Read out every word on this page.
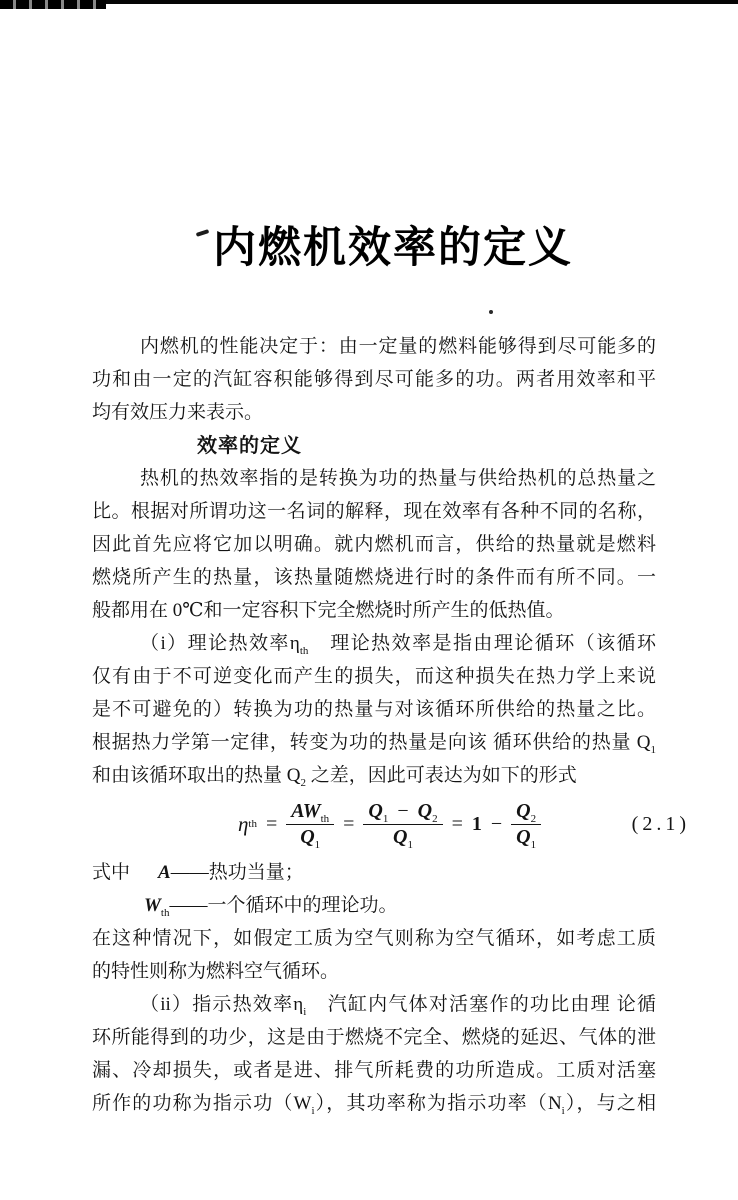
内燃机效率的定义
内燃机的性能决定于：由一定量的燃料能够得到尽可能多的
功和由一定的汽缸容积能够得到尽可能多的功。两者用效率和平
均有效压力来表示。
效率的定义
热机的热效率指的是转换为功的热量与供给热机的总热量之
比。根据对所谓功这一名词的解释，现在效率有各种不同的名称，
因此首先应将它加以明确。就内燃机而言，供给的热量就是燃料
燃烧所产生的热量，该热量随燃烧进行时的条件而有所不同。一
般都用在 0℃和一定容积下完全燃烧时所产生的低热值。
（i）理论热效率$\eta_{th}$　理论热效率是指由理论循环（该循环
仅有由于不可逆变化而产生的损失，而这种损失在热力学上来说
是不可避免的）转换为功的热量与对该循环所供给的热量之比。
根据热力学第一定律，转变为功的热量是向该 循环供给的热量 $Q_1$
和由该循环取出的热量 $Q_2$ 之差，因此可表达为如下的形式
η th = $\frac{AW_{th}}{Q_1} = \frac{Q_1 - Q_2}{Q_1} = 1 - \frac{Q_2}{Q_1}$	(2.1)
式中 A——热功当量；
$W_{th}——$一个循环中的理论功。
在这种情况下，如假定工质为空气则称为空气循环，如考虑工质
的特性则称为燃料空气循环。
（ii）指示热效率$\eta_i$　汽缸内气体对活塞作的功比由理 论循
环所能得到的功少，这是由于燃烧不完全、燃烧的延迟、气体的泄
漏、冷却损失，或者是进、排气所耗费的功所造成。工质对活塞
所作的功称为指示功$(W_i)$，其功率称为指示功率$(N_i)$，与之相
